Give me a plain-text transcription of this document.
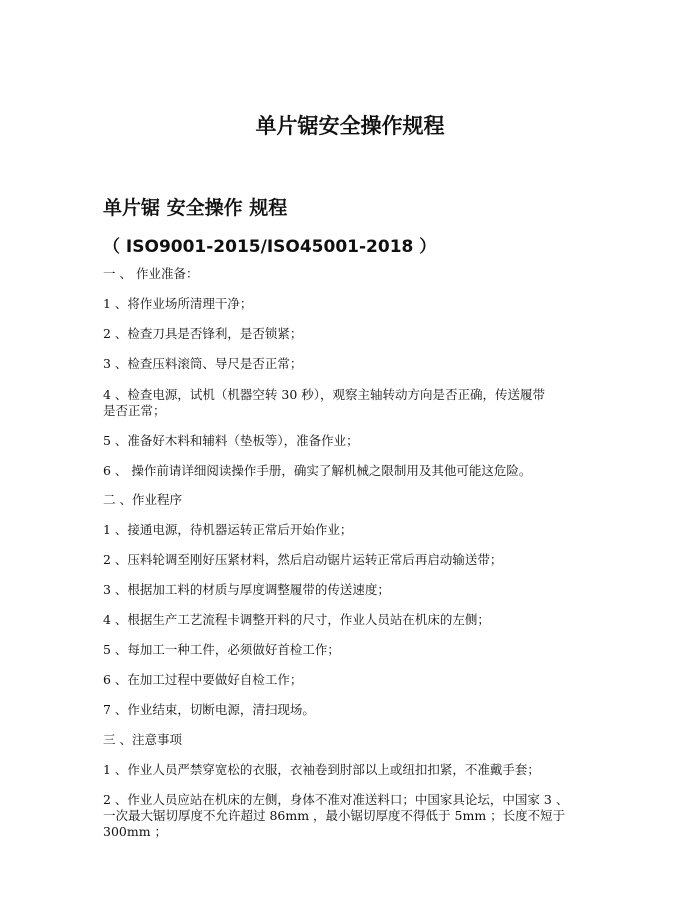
单片锯安全操作规程
单片锯 安全操作 规程
（ ISO9001-2015/ISO45001-2018 ）
一 、 作业准备：
1 、将作业场所清理干净；
2 、检查刀具是否锋利，是否锁紧；
3 、检查压料滚筒、导尺是否正常；
4 、检查电源，试机（机器空转 30 秒），观察主轴转动方向是否正确，传送履带
是否正常；
5 、准备好木料和辅料（垫板等），准备作业；
6 、 操作前请详细阅读操作手册，确实了解机械之限制用及其他可能这危险。
二 、作业程序
1 、接通电源，待机器运转正常后开始作业；
2 、压料轮调至刚好压紧材料，然后启动锯片运转正常后再启动输送带；
3 、根据加工料的材质与厚度调整履带的传送速度；
4 、根据生产工艺流程卡调整开料的尺寸，作业人员站在机床的左侧；
5 、每加工一种工件，必须做好首检工作；
6 、在加工过程中要做好自检工作；
7 、作业结束，切断电源，清扫现场。
三 、注意事项
1 、作业人员严禁穿宽松的衣服，衣袖卷到肘部以上或纽扣扣紧，不准戴手套；
2 、作业人员应站在机床的左侧，身体不准对准送料口；中国家具论坛，中国家 3 、
一次最大锯切厚度不允许超过 86mm ，最小锯切厚度不得低于 5mm ；长度不短于
300mm ；
